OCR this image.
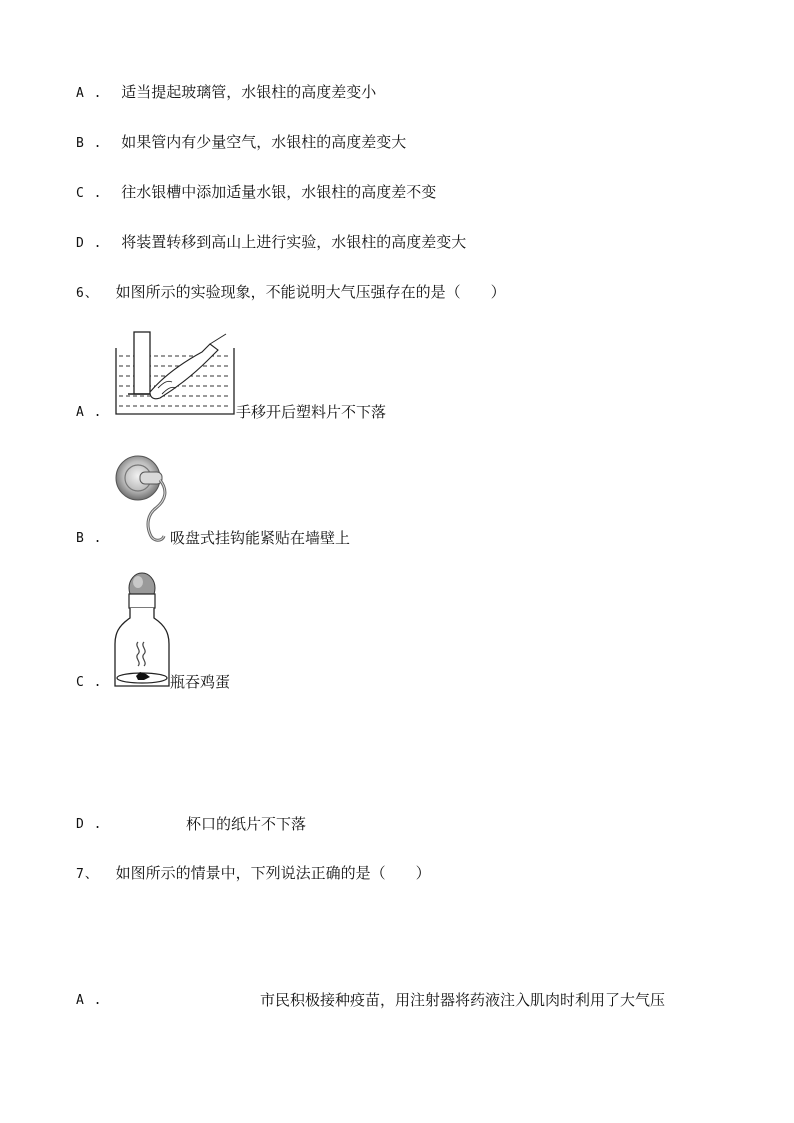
A . 适当提起玻璃管，水银柱的高度差变小
B . 如果管内有少量空气，水银柱的高度差变大
C . 往水银槽中添加适量水银，水银柱的高度差不变
D . 将装置转移到高山上进行实验，水银柱的高度差变大
6、 如图所示的实验现象，不能说明大气压强存在的是（　　）
A .	手移开后塑料片不下落
B .	吸盘式挂钩能紧贴在墙壁上
C .	瓶吞鸡蛋
D .	杯口的纸片不下落
7、 如图所示的情景中，下列说法正确的是（　　）
A .	市民积极接种疫苗，用注射器将药液注入肌肉时利用了大气压
